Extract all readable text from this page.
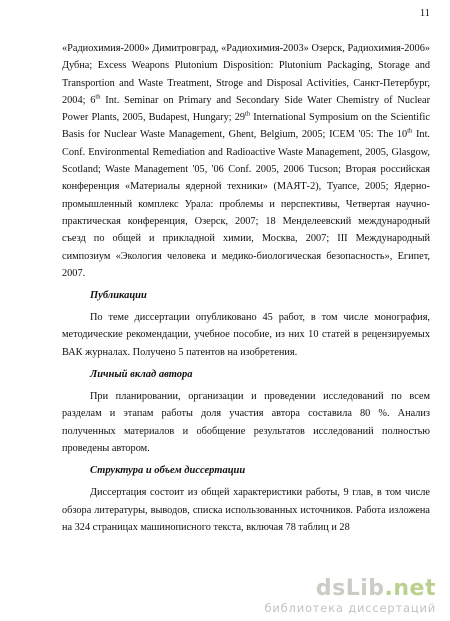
11

«Радиохимия-2000» Димитровград, «Радиохимия-2003» Озерск, Радиохимия-2006» Дубна; Excess Weapons Plutonium Disposition: Plutonium Packaging, Storage and Transportion and Waste Treatment, Stroge and Disposal Activities, Санкт-Петербург, 2004; 6th Int. Seminar on Primary and Secondary Side Water Chemistry of Nuclear Power Plants, 2005, Budapest, Hungary; 29th International Symposium on the Scientific Basis for Nuclear Waste Management, Ghent, Belgium, 2005; ICEM '05: The 10th Int. Conf. Environmental Remediation and Radioactive Waste Management, 2005, Glasgow, Scotland; Waste Management '05, '06 Conf. 2005, 2006 Tucson; Вторая российская конференция «Материалы ядерной техники» (МАЯТ-2), Туапсе, 2005; Ядерно-промышленный комплекс Урала: проблемы и перспективы, Четвертая научно-практическая конференция, Озерск, 2007; 18 Менделеевский международный съезд по общей и прикладной химии, Москва, 2007; III Международный симпозиум «Экология человека и медико-биологическая безопасность», Египет, 2007.

Публикации

По теме диссертации опубликовано 45 работ, в том числе монография, методические рекомендации, учебное пособие, из них 10 статей в рецензируемых ВАК журналах. Получено 5 патентов на изобретения.

Личный вклад автора

При планировании, организации и проведении исследований по всем разделам и этапам работы доля участия автора составила 80 %. Анализ полученных материалов и обобщение результатов исследований полностью проведены автором.

Структура и объем диссертации

Диссертация состоит из общей характеристики работы, 9 глав, в том числе обзора литературы, выводов, списка использованных источников. Работа изложена на 324 страницах машинописного текста, включая 78 таблиц и 28

dsLib.net
библиотека диссертаций
